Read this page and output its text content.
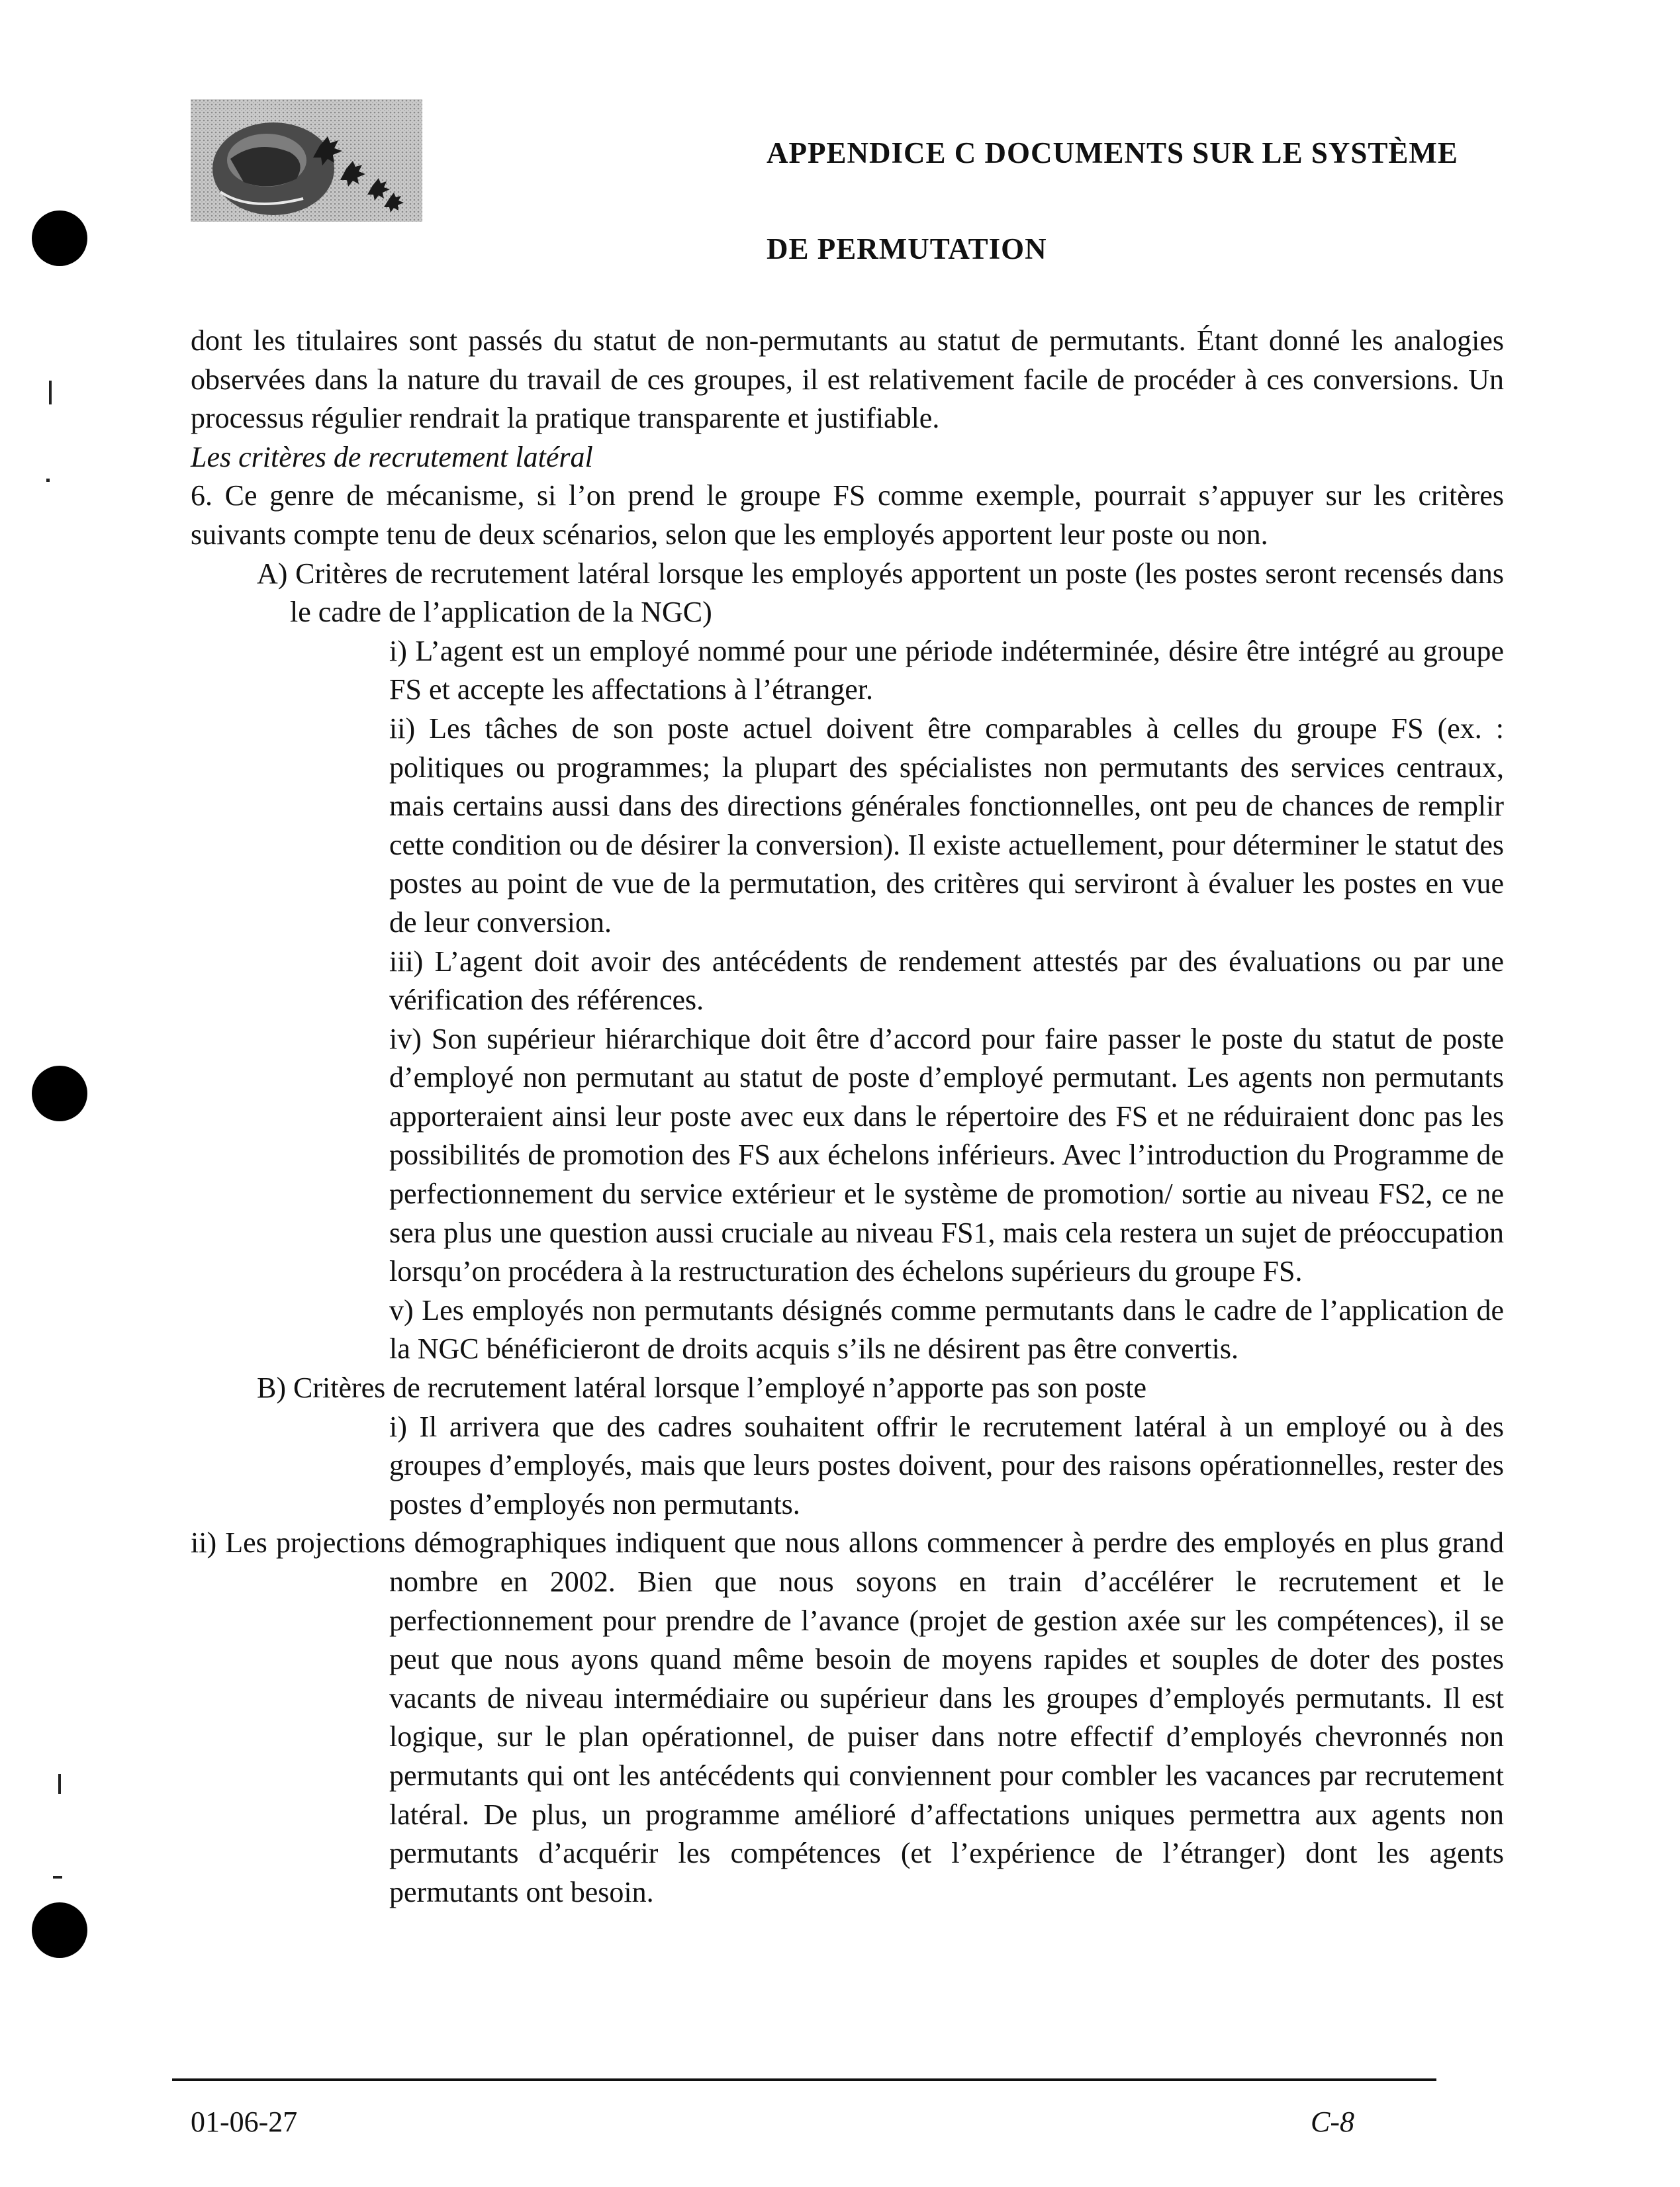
APPENDICE C DOCUMENTS SUR LE SYSTÈME
DE PERMUTATION

dont les titulaires sont passés du statut de non-permutants au statut de permutants. Étant donné les analogies observées dans la nature du travail de ces groupes, il est relativement facile de procéder à ces conversions. Un processus régulier rendrait la pratique transparente et justifiable.

Les critères de recrutement latéral

6. Ce genre de mécanisme, si l’on prend le groupe FS comme exemple, pourrait s’appuyer sur les critères suivants compte tenu de deux scénarios, selon que les employés apportent leur poste ou non.

A) Critères de recrutement latéral lorsque les employés apportent un poste (les postes seront recensés dans le cadre de l’application de la NGC)

i) L’agent est un employé nommé pour une période indéterminée, désire être intégré au groupe FS et accepte les affectations à l’étranger.

ii) Les tâches de son poste actuel doivent être comparables à celles du groupe FS (ex. : politiques ou programmes; la plupart des spécialistes non permutants des services centraux, mais certains aussi dans des directions générales fonctionnelles, ont peu de chances de remplir cette condition ou de désirer la conversion). Il existe actuellement, pour déterminer le statut des postes au point de vue de la permutation, des critères qui serviront à évaluer les postes en vue de leur conversion.

iii) L’agent doit avoir des antécédents de rendement attestés par des évaluations ou par une vérification des références.

iv) Son supérieur hiérarchique doit être d’accord pour faire passer le poste du statut de poste d’employé non permutant au statut de poste d’employé permutant. Les agents non permutants apporteraient ainsi leur poste avec eux dans le répertoire des FS et ne réduiraient donc pas les possibilités de promotion des FS aux échelons inférieurs. Avec l’introduction du Programme de perfectionnement du service extérieur et le système de promotion/ sortie au niveau FS2, ce ne sera plus une question aussi cruciale au niveau FS1, mais cela restera un sujet de préoccupation lorsqu’on procédera à la restructuration des échelons supérieurs du groupe FS.

v) Les employés non permutants désignés comme permutants dans le cadre de l’application de la NGC bénéficieront de droits acquis s’ils ne désirent pas être convertis.

B) Critères de recrutement latéral lorsque l’employé n’apporte pas son poste

i) Il arrivera que des cadres souhaitent offrir le recrutement latéral à un employé ou à des groupes d’employés, mais que leurs postes doivent, pour des raisons opérationnelles, rester des postes d’employés non permutants.

ii) Les projections démographiques indiquent que nous allons commencer à perdre des employés en plus grand nombre en 2002. Bien que nous soyons en train d’accélérer le recrutement et le perfectionnement pour prendre de l’avance (projet de gestion axée sur les compétences), il se peut que nous ayons quand même besoin de moyens rapides et souples de doter des postes vacants de niveau intermédiaire ou supérieur dans les groupes d’employés permutants. Il est logique, sur le plan opérationnel, de puiser dans notre effectif d’employés chevronnés non permutants qui ont les antécédents qui conviennent pour combler les vacances par recrutement latéral. De plus, un programme amélioré d’affectations uniques permettra aux agents non permutants d’acquérir les compétences (et l’expérience de l’étranger) dont les agents permutants ont besoin.

01-06-27	C-8
